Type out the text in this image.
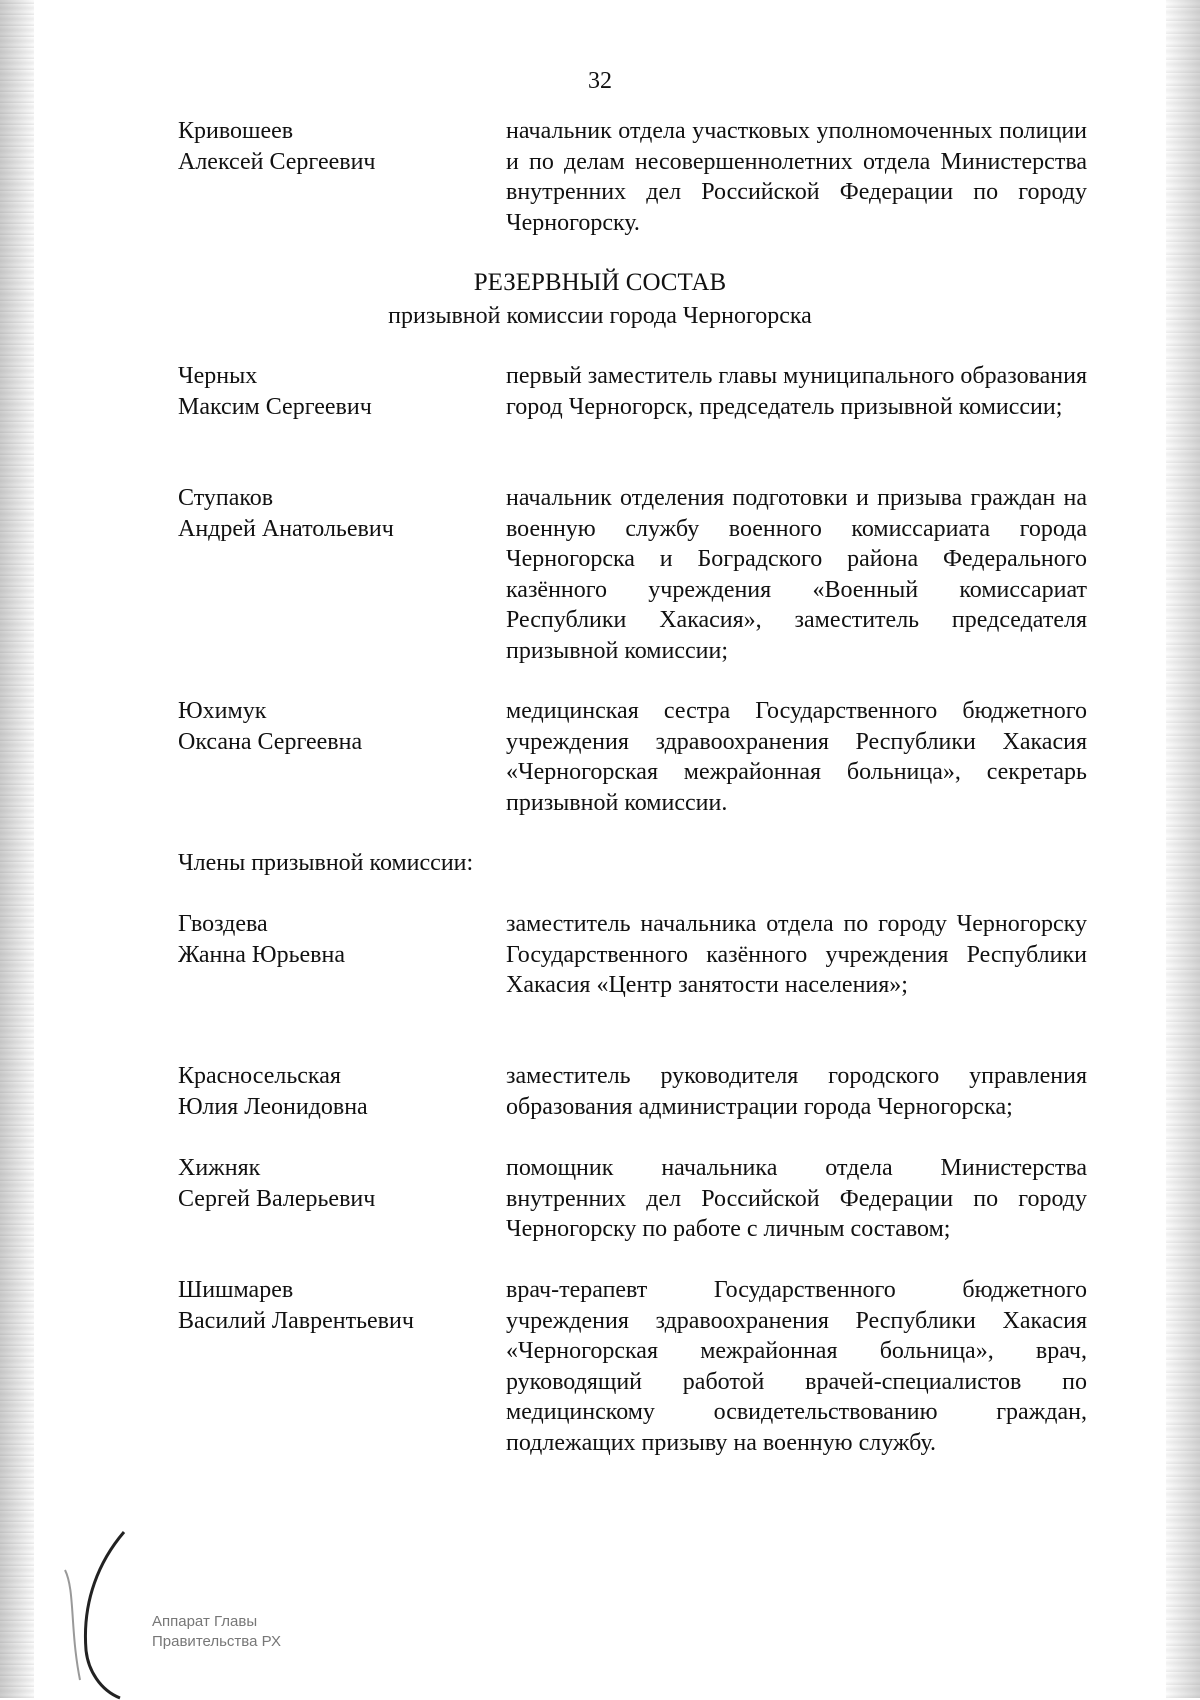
32
Кривошеев
Алексей Сергеевич
начальник отдела участковых уполномоченных полиции и по делам несовершеннолетних отдела Министерства внутренних дел Российской Федерации по городу Черногорску.
РЕЗЕРВНЫЙ СОСТАВ
призывной комиссии города Черногорска
Черных
Максим Сергеевич
первый заместитель главы муниципального образования город Черногорск, председатель призывной комиссии;
Ступаков
Андрей Анатольевич
начальник отделения подготовки и призыва граждан на военную службу военного комиссариата города Черногорска и Боградского района Федерального казённого учреждения «Военный комиссариат Республики Хакасия», заместитель председателя призывной комиссии;
Юхимук
Оксана Сергеевна
медицинская сестра Государственного бюджетного учреждения здравоохранения Республики Хакасия «Черногорская межрайонная больница», секретарь призывной комиссии.
Члены призывной комиссии:
Гвоздева
Жанна Юрьевна
заместитель начальника отдела по городу Черногорску Государственного казённого учреждения Республики Хакасия «Центр занятости населения»;
Красносельская
Юлия Леонидовна
заместитель руководителя городского управления образования администрации города Черногорска;
Хижняк
Сергей Валерьевич
помощник начальника отдела Министерства внутренних дел Российской Федерации по городу Черногорску по работе с личным составом;
Шишмарев
Василий Лаврентьевич
врач-терапевт Государственного бюджетного учреждения здравоохранения Республики Хакасия «Черногорская межрайонная больница», врач, руководящий работой врачей-специалистов по медицинскому освидетельствованию граждан, подлежащих призыву на военную службу.
Аппарат Главы
Правительства РХ
